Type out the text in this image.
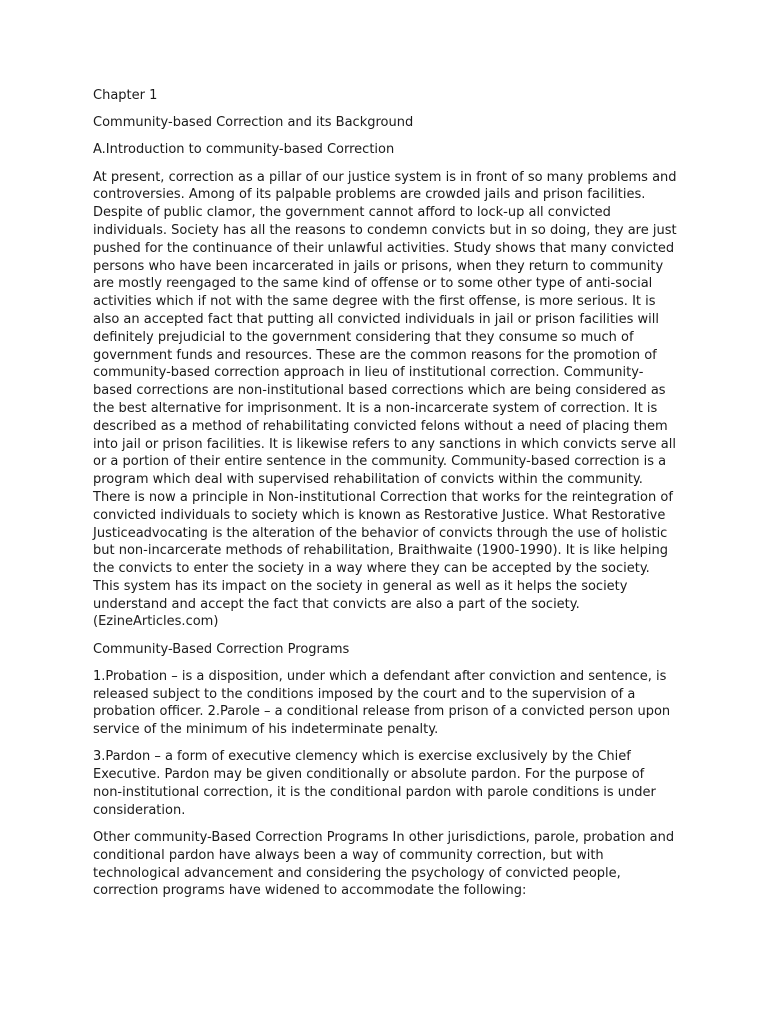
Chapter 1

Community-based Correction and its Background

A.Introduction to community-based Correction

At present, correction as a pillar of our justice system is in front of so many problems and controversies. Among of its palpable problems are crowded jails and prison facilities. Despite of public clamor, the government cannot afford to lock-up all convicted individuals. Society has all the reasons to condemn convicts but in so doing, they are just pushed for the continuance of their unlawful activities. Study shows that many convicted persons who have been incarcerated in jails or prisons, when they return to community are mostly reengaged to the same kind of offense or to some other type of anti-social activities which if not with the same degree with the first offense, is more serious. It is also an accepted fact that putting all convicted individuals in jail or prison facilities will definitely prejudicial to the government considering that they consume so much of government funds and resources. These are the common reasons for the promotion of community-based correction approach in lieu of institutional correction. Community-based corrections are non-institutional based corrections which are being considered as the best alternative for imprisonment. It is a non-incarcerate system of correction. It is described as a method of rehabilitating convicted felons without a need of placing them into jail or prison facilities. It is likewise refers to any sanctions in which convicts serve all or a portion of their entire sentence in the community. Community-based correction is a program which deal with supervised rehabilitation of convicts within the community. There is now a principle in Non-institutional Correction that works for the reintegration of convicted individuals to society which is known as Restorative Justice. What Restorative Justiceadvocating is the alteration of the behavior of convicts through the use of holistic but non-incarcerate methods of rehabilitation, Braithwaite (1900-1990). It is like helping the convicts to enter the society in a way where they can be accepted by the society. This system has its impact on the society in general as well as it helps the society understand and accept the fact that convicts are also a part of the society. (EzineArticles.com)

Community-Based Correction Programs

1.Probation – is a disposition, under which a defendant after conviction and sentence, is released subject to the conditions imposed by the court and to the supervision of a probation officer. 2.Parole – a conditional release from prison of a convicted person upon service of the minimum of his indeterminate penalty.

3.Pardon – a form of executive clemency which is exercise exclusively by the Chief Executive. Pardon may be given conditionally or absolute pardon. For the purpose of non-institutional correction, it is the conditional pardon with parole conditions is under consideration.

Other community-Based Correction Programs In other jurisdictions, parole, probation and conditional pardon have always been a way of community correction, but with technological advancement and considering the psychology of convicted people, correction programs have widened to accommodate the following:
